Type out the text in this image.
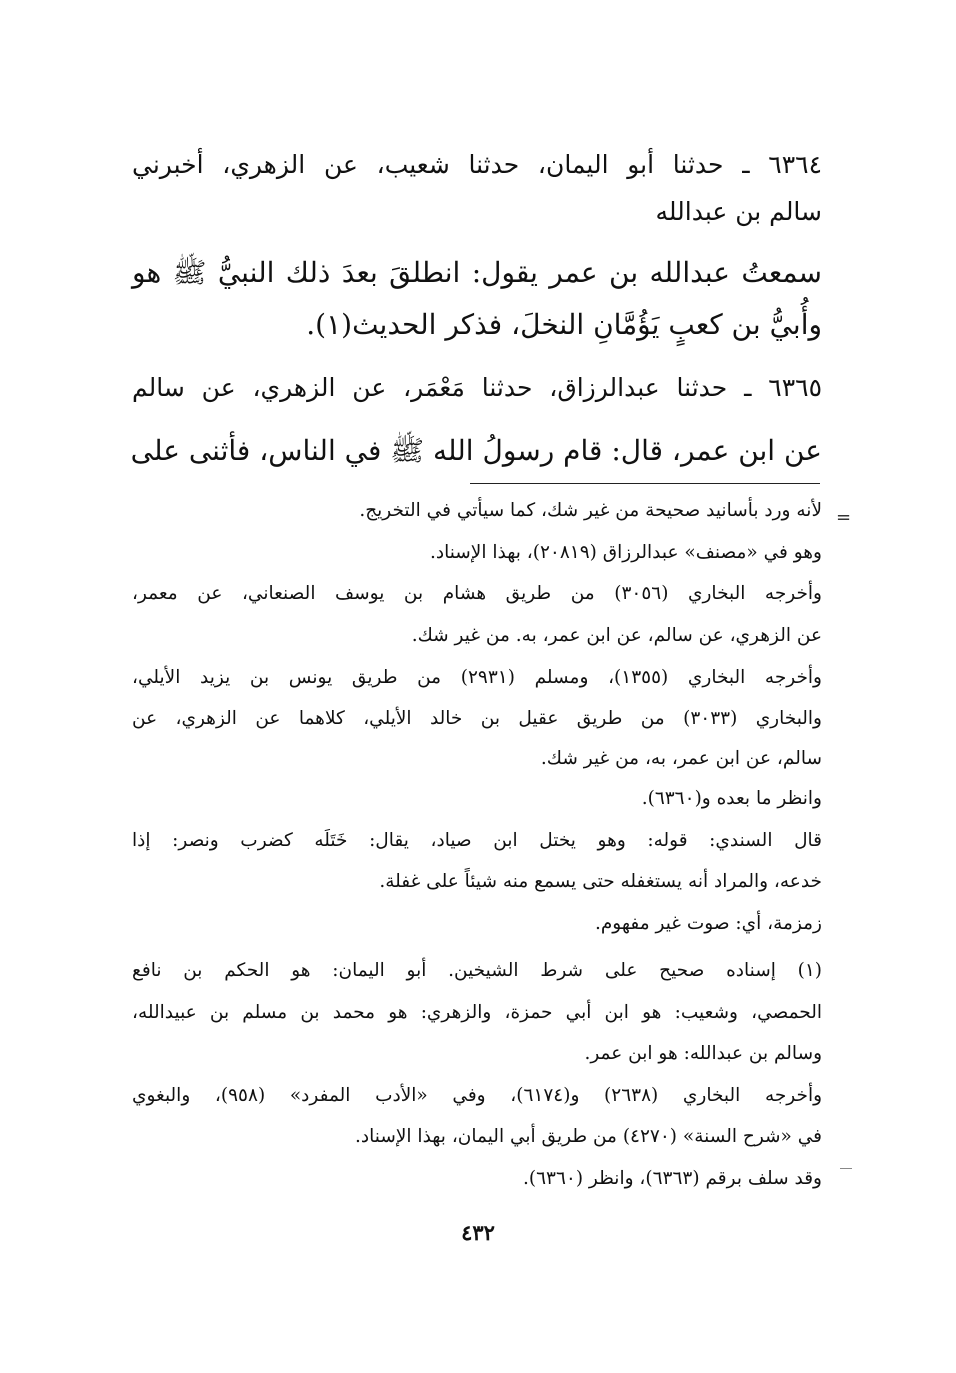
٦٣٦٤ ـ حدثنا أبو اليمان، حدثنا شعيب، عن الزهري، أخبرني

سالم بن عبدالله

سمعتُ عبدالله بن عمر يقول: انطلقَ بعدَ ذلك النبيُّ ﷺ هو

وأُبيُّ بن كعبٍ يَؤُمَّانِ النخلَ، فذكر الحديث(١).

٦٣٦٥ ـ حدثنا عبدالرزاق، حدثنا مَعْمَر، عن الزهري، عن سالم

عن ابن عمر، قال: قام رسولُ الله ﷺ في الناس، فأثنى على

=

لأنه ورد بأسانيد صحيحة من غير شك، كما سيأتي في التخريج.

وهو في «مصنف» عبدالرزاق (٢٠٨١٩)، بهذا الإسناد.

وأخرجه البخاري (٣٠٥٦) من طريق هشام بن يوسف الصنعاني، عن معمر،

عن الزهري، عن سالم، عن ابن عمر، به. من غير شك.

وأخرجه البخاري (١٣٥٥)، ومسلم (٢٩٣١) من طريق يونس بن يزيد الأيلي،

والبخاري (٣٠٣٣) من طريق عقيل بن خالد الأيلي، كلاهما عن الزهري، عن

سالم، عن ابن عمر، به، من غير شك.

وانظر ما بعده و(٦٣٦٠).

قال السندي: قوله: وهو يختل ابن صياد، يقال: خَتَلَه كضرب ونصر: إذا

خدعه، والمراد أنه يستغفله حتى يسمع منه شيئاً على غفلة.

زمزمة، أي: صوت غير مفهوم.

(١) إسناده صحيح على شرط الشيخين. أبو اليمان: هو الحكم بن نافع

الحمصي، وشعيب: هو ابن أبي حمزة، والزهري: هو محمد بن مسلم بن عبيدالله،

وسالم بن عبدالله: هو ابن عمر.

وأخرجه البخاري (٢٦٣٨) و(٦١٧٤)، وفي «الأدب المفرد» (٩٥٨)، والبغوي

في «شرح السنة» (٤٢٧٠) من طريق أبي اليمان، بهذا الإسناد.

وقد سلف برقم (٦٣٦٣)، وانظر (٦٣٦٠).

٤٣٢
